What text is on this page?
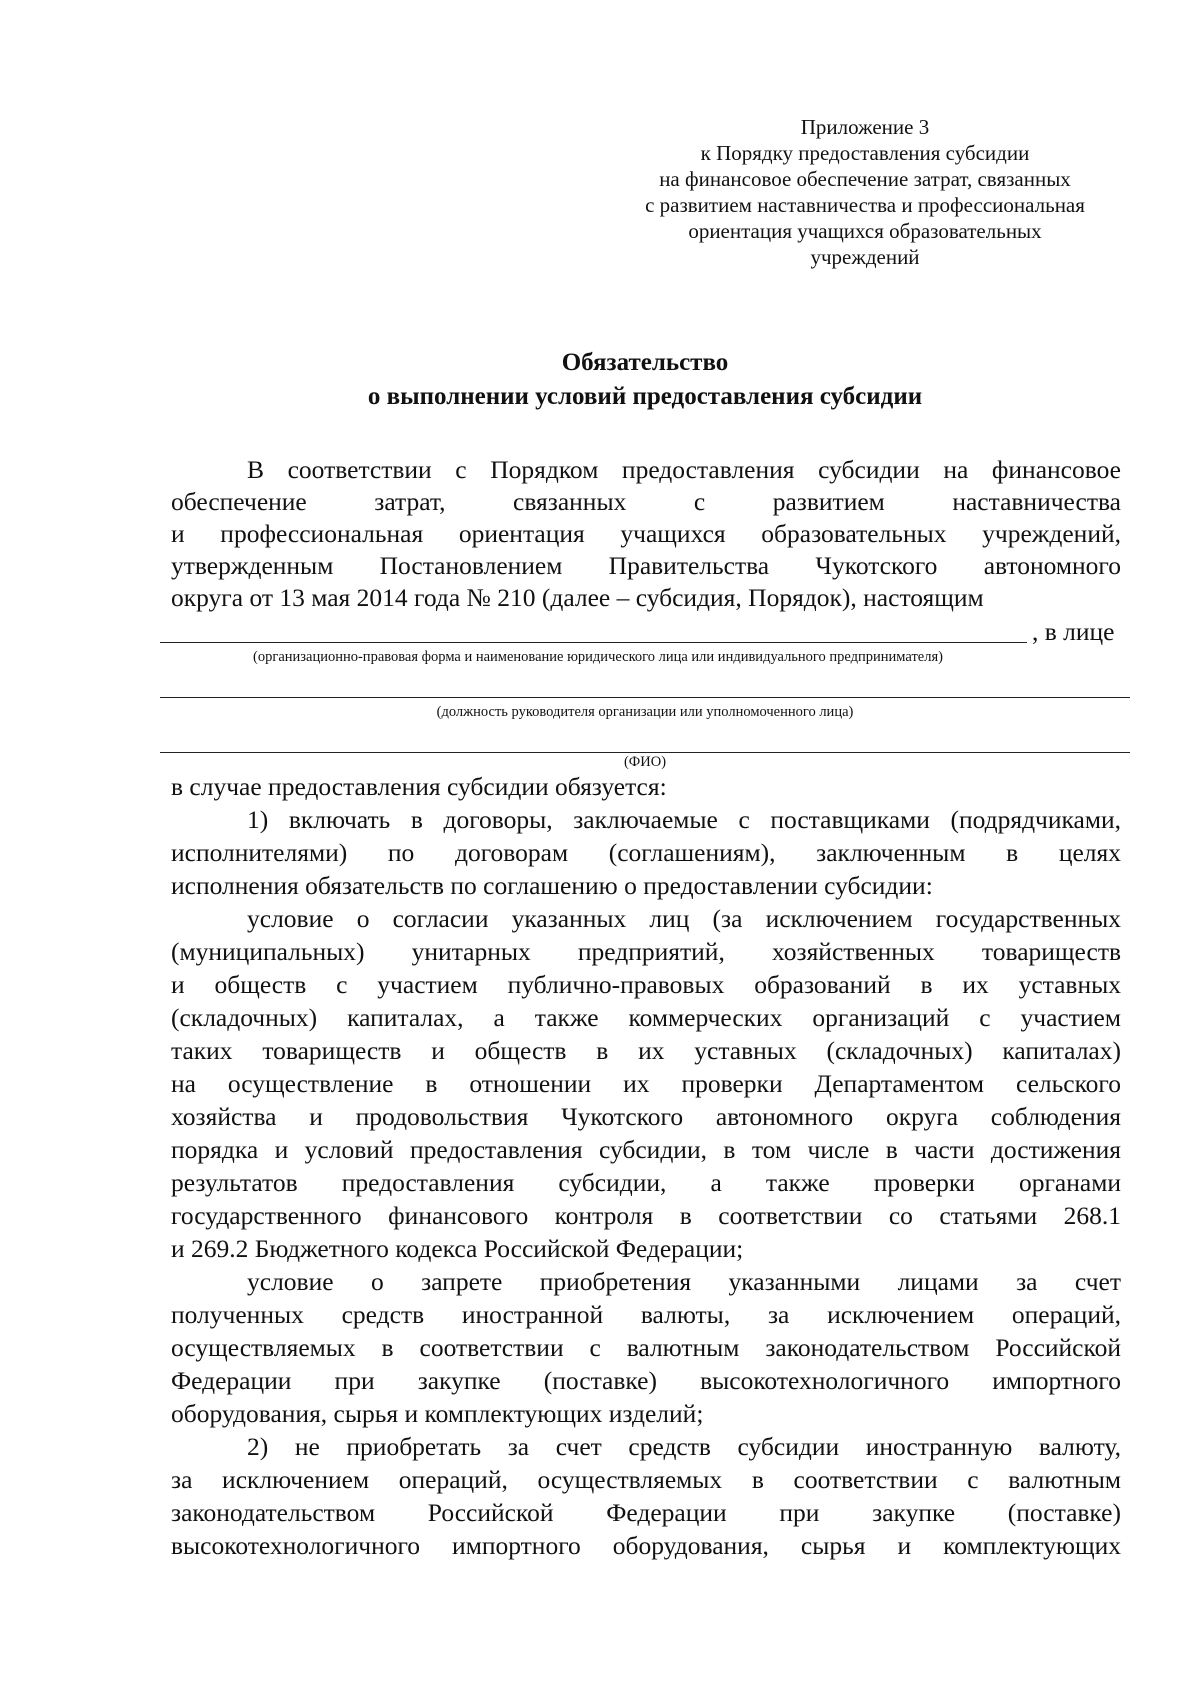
Приложение 3
к Порядку предоставления субсидии
на финансовое обеспечение затрат, связанных
с развитием наставничества и профессиональная
ориентация учащихся образовательных
учреждений
Обязательство
о выполнении условий предоставления субсидии
В соответствии с Порядком предоставления субсидии на финансовое
обеспечение затрат, связанных с развитием наставничества
и профессиональная ориентация учащихся образовательных учреждений,
утвержденным Постановлением Правительства Чукотского автономного
округа от 13 мая 2014 года № 210 (далее – субсидия, Порядок), настоящим
, в лице
(организационно-правовая форма и наименование юридического лица или индивидуального предпринимателя)
(должность руководителя организации или уполномоченного лица)
(ФИО)
в случае предоставления субсидии обязуется:
1) включать в договоры, заключаемые с поставщиками (подрядчиками,
исполнителями) по договорам (соглашениям), заключенным в целях
исполнения обязательств по соглашению о предоставлении субсидии:
условие о согласии указанных лиц (за исключением государственных
(муниципальных) унитарных предприятий, хозяйственных товариществ
и обществ с участием публично-правовых образований в их уставных
(складочных) капиталах, а также коммерческих организаций с участием
таких товариществ и обществ в их уставных (складочных) капиталах)
на осуществление в отношении их проверки Департаментом сельского
хозяйства и продовольствия Чукотского автономного округа соблюдения
порядка и условий предоставления субсидии, в том числе в части достижения
результатов предоставления субсидии, а также проверки органами
государственного финансового контроля в соответствии со статьями 268.1
и 269.2 Бюджетного кодекса Российской Федерации;
условие о запрете приобретения указанными лицами за счет
полученных средств иностранной валюты, за исключением операций,
осуществляемых в соответствии с валютным законодательством Российской
Федерации при закупке (поставке) высокотехнологичного импортного
оборудования, сырья и комплектующих изделий;
2) не приобретать за счет средств субсидии иностранную валюту,
за исключением операций, осуществляемых в соответствии с валютным
законодательством Российской Федерации при закупке (поставке)
высокотехнологичного импортного оборудования, сырья и комплектующих
